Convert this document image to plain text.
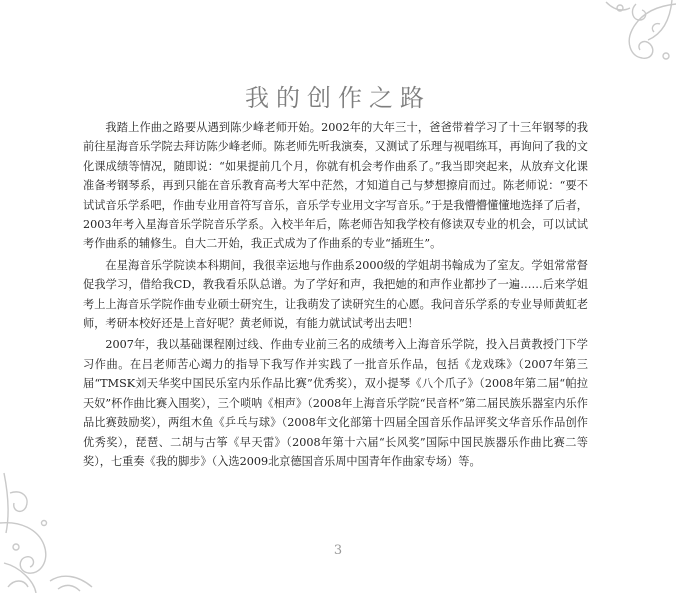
我的创作之路

我踏上作曲之路要从遇到陈少峰老师开始。2002年的大年三十，爸爸带着学习了十三年钢琴的我前往星海音乐学院去拜访陈少峰老师。陈老师先听我演奏，又测试了乐理与视唱练耳，再询问了我的文化课成绩等情况，随即说：“如果提前几个月，你就有机会考作曲系了。”我当即突起来，从放弃文化课准备考钢琴系，再到只能在音乐教育高考大军中茫然，才知道自己与梦想擦肩而过。陈老师说：“要不试试音乐学系吧，作曲专业用音符写音乐，音乐学专业用文字写音乐。”于是我懵懵懂懂地选择了后者，2003年考入星海音乐学院音乐学系。入校半年后，陈老师告知我学校有修读双专业的机会，可以试试考作曲系的辅修生。自大二开始，我正式成为了作曲系的专业“插班生”。

在星海音乐学院读本科期间，我很幸运地与作曲系2000级的学姐胡书翰成为了室友。学姐常常督促我学习，借给我CD，教我看乐队总谱。为了学好和声，我把她的和声作业都抄了一遍……后来学姐考上上海音乐学院作曲专业硕士研究生，让我萌发了读研究生的心愿。我问音乐学系的专业导师黄虹老师，考研本校好还是上音好呢？黄老师说，有能力就试试考出去吧！

2007年，我以基础课程刚过线、作曲专业前三名的成绩考入上海音乐学院，投入吕黄教授门下学习作曲。在吕老师苦心竭力的指导下我写作并实践了一批音乐作品，包括《龙戏珠》（2007年第三届“TMSK刘天华奖中国民乐室内乐作品比赛”优秀奖），双小提琴《八个爪子》（2008年第二届“帕拉天奴”杯作曲比赛入围奖），三个唢呐《相声》（2008年上海音乐学院“民音杯”第二届民族乐器室内乐作品比赛鼓励奖），两组木鱼《乒乓与球》（2008年文化部第十四届全国音乐作品评奖文华音乐作品创作优秀奖），琵琶、二胡与古筝《早天雷》（2008年第十六届“长风奖”国际中国民族器乐作曲比赛二等奖），七重奏《我的脚步》（入选2009北京德国音乐周中国青年作曲家专场）等。

3
